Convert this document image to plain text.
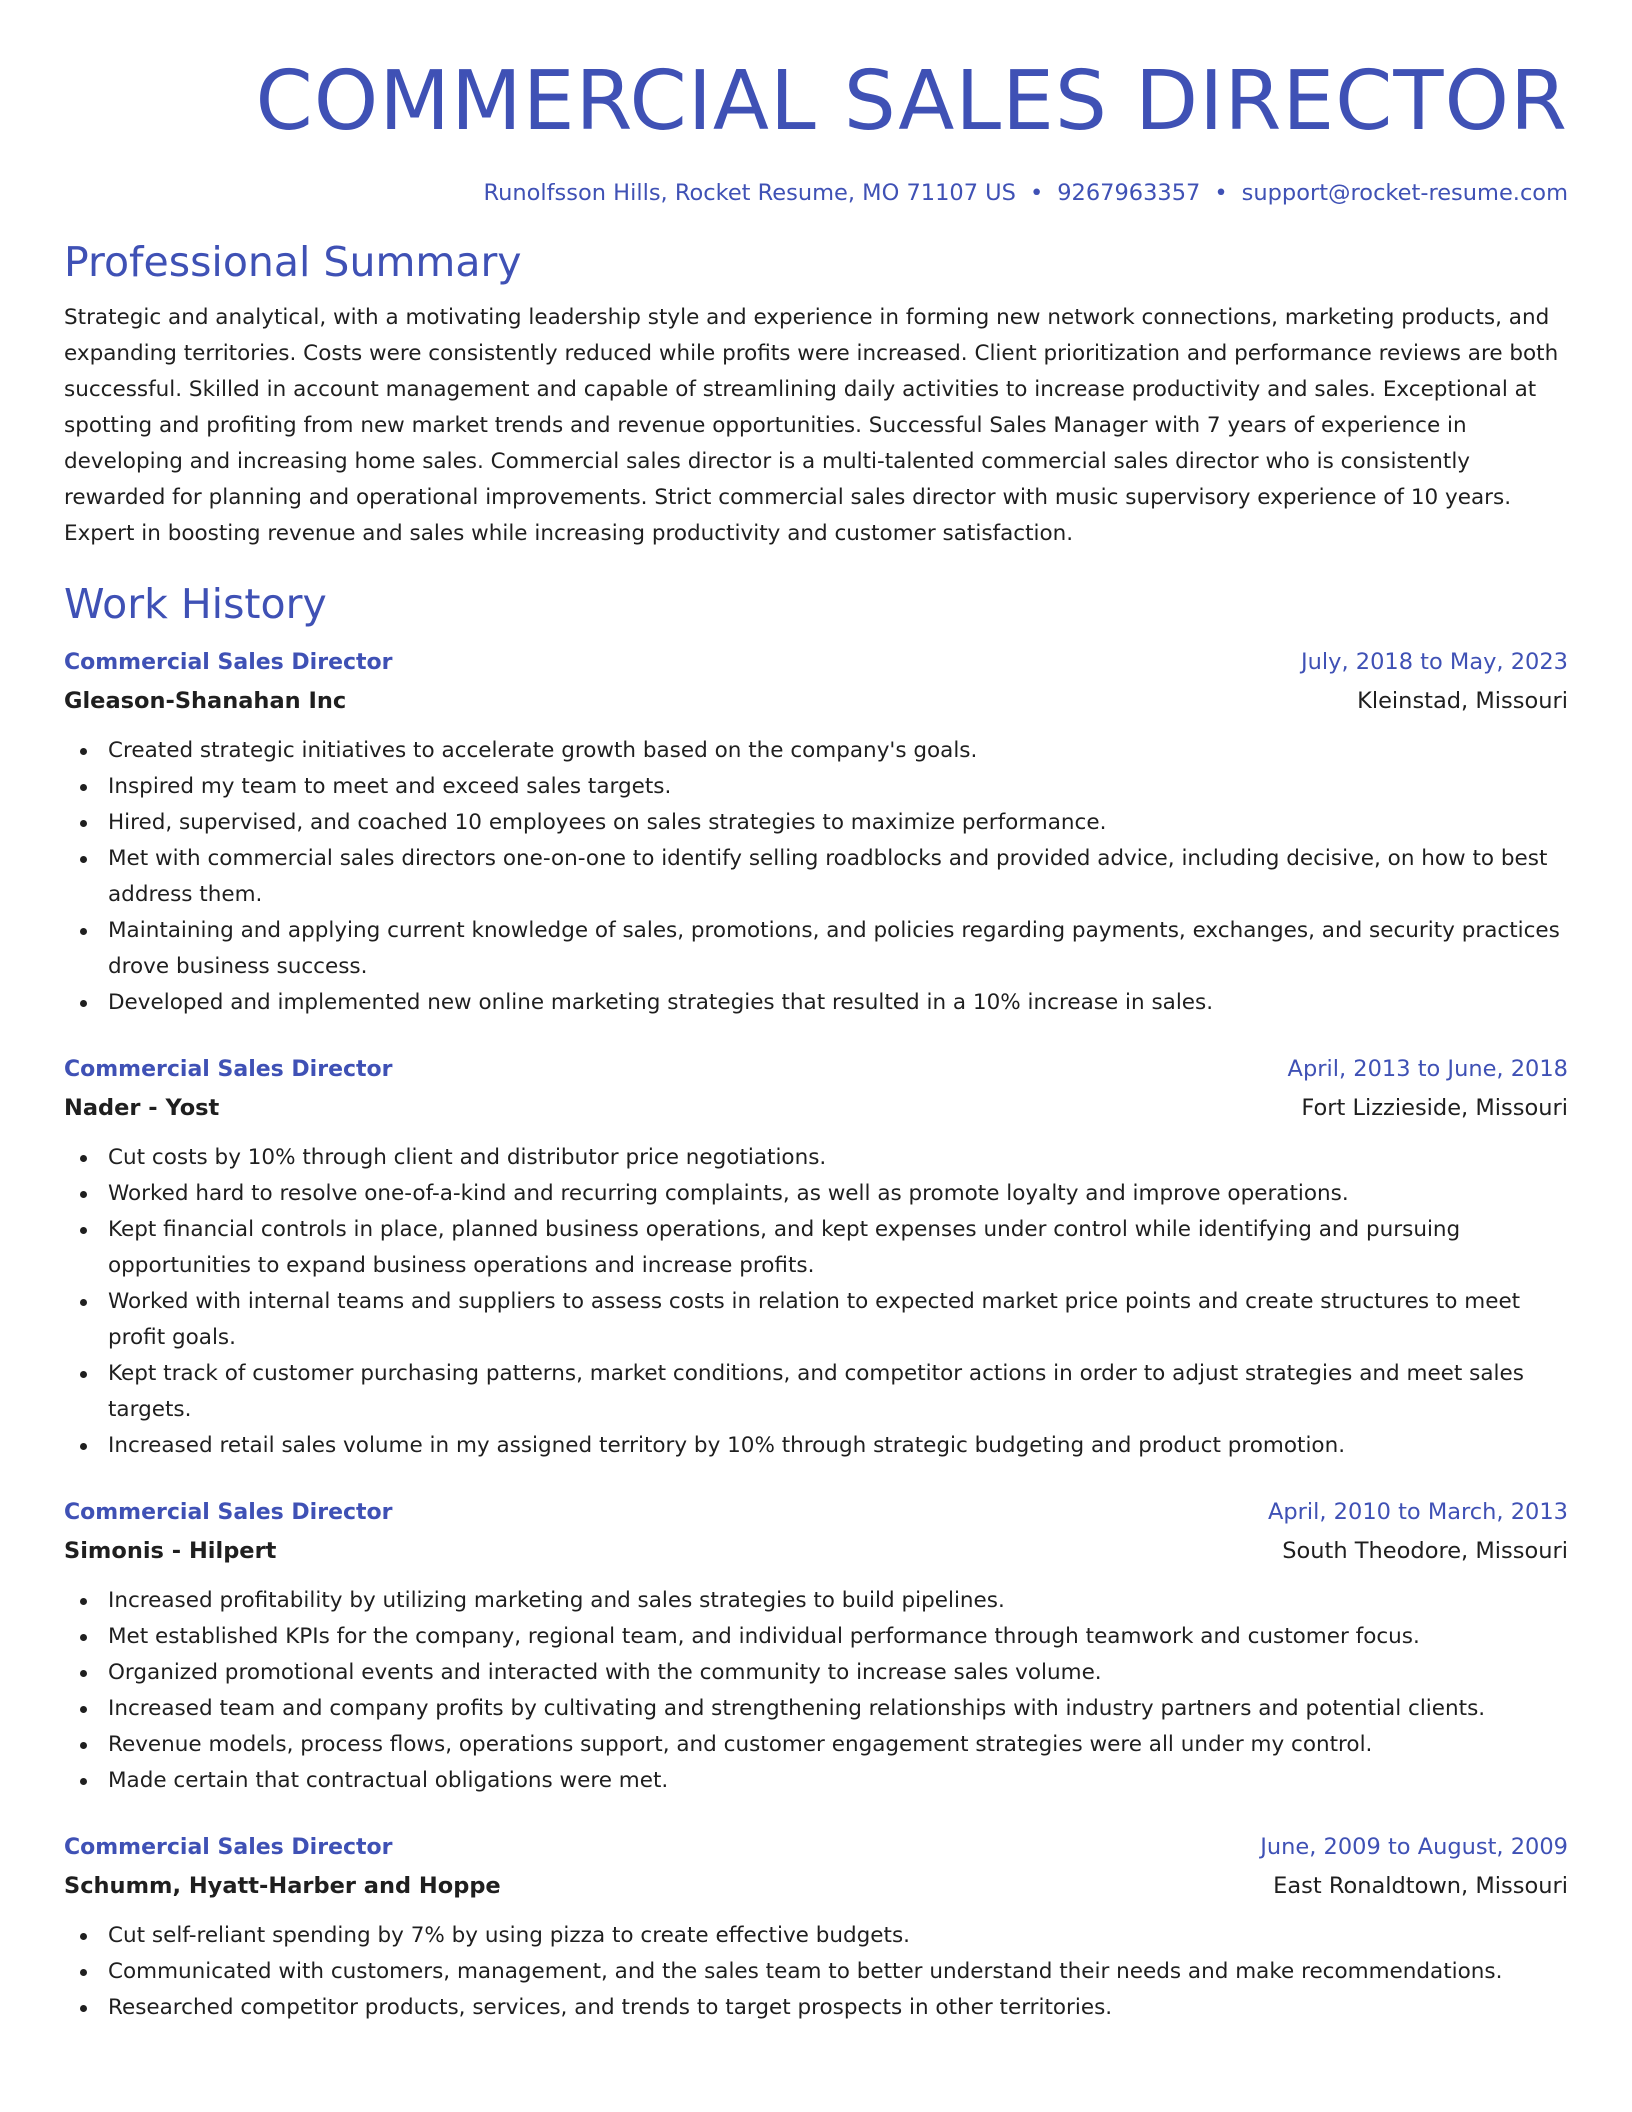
COMMERCIAL SALES DIRECTOR
Runolfsson Hills, Rocket Resume, MO 71107 US • 9267963357 • support@rocket-resume.com
Professional Summary
Strategic and analytical, with a motivating leadership style and experience in forming new network connections, marketing products, and expanding territories. Costs were consistently reduced while profits were increased. Client prioritization and performance reviews are both successful. Skilled in account management and capable of streamlining daily activities to increase productivity and sales. Exceptional at spotting and profiting from new market trends and revenue opportunities. Successful Sales Manager with 7 years of experience in developing and increasing home sales. Commercial sales director is a multi-talented commercial sales director who is consistently rewarded for planning and operational improvements. Strict commercial sales director with music supervisory experience of 10 years. Expert in boosting revenue and sales while increasing productivity and customer satisfaction.
Work History
Commercial Sales Director	July, 2018 to May, 2023
Gleason-Shanahan Inc	Kleinstad, Missouri
Created strategic initiatives to accelerate growth based on the company's goals.
Inspired my team to meet and exceed sales targets.
Hired, supervised, and coached 10 employees on sales strategies to maximize performance.
Met with commercial sales directors one-on-one to identify selling roadblocks and provided advice, including decisive, on how to best address them.
Maintaining and applying current knowledge of sales, promotions, and policies regarding payments, exchanges, and security practices drove business success.
Developed and implemented new online marketing strategies that resulted in a 10% increase in sales.
Commercial Sales Director	April, 2013 to June, 2018
Nader - Yost	Fort Lizzieside, Missouri
Cut costs by 10% through client and distributor price negotiations.
Worked hard to resolve one-of-a-kind and recurring complaints, as well as promote loyalty and improve operations.
Kept financial controls in place, planned business operations, and kept expenses under control while identifying and pursuing opportunities to expand business operations and increase profits.
Worked with internal teams and suppliers to assess costs in relation to expected market price points and create structures to meet profit goals.
Kept track of customer purchasing patterns, market conditions, and competitor actions in order to adjust strategies and meet sales targets.
Increased retail sales volume in my assigned territory by 10% through strategic budgeting and product promotion.
Commercial Sales Director	April, 2010 to March, 2013
Simonis - Hilpert	South Theodore, Missouri
Increased profitability by utilizing marketing and sales strategies to build pipelines.
Met established KPIs for the company, regional team, and individual performance through teamwork and customer focus.
Organized promotional events and interacted with the community to increase sales volume.
Increased team and company profits by cultivating and strengthening relationships with industry partners and potential clients.
Revenue models, process flows, operations support, and customer engagement strategies were all under my control.
Made certain that contractual obligations were met.
Commercial Sales Director	June, 2009 to August, 2009
Schumm, Hyatt-Harber and Hoppe	East Ronaldtown, Missouri
Cut self-reliant spending by 7% by using pizza to create effective budgets.
Communicated with customers, management, and the sales team to better understand their needs and make recommendations.
Researched competitor products, services, and trends to target prospects in other territories.
